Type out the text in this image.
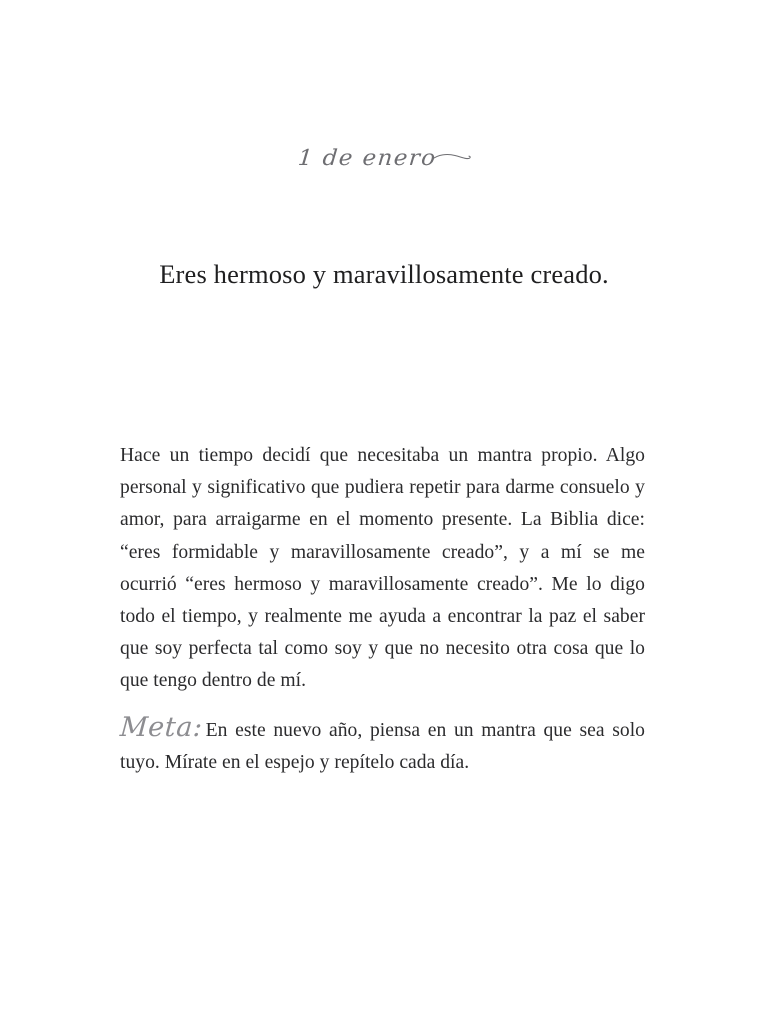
1 de enero
Eres hermoso y maravillosamente creado.

Hace un tiempo decidí que necesitaba un mantra propio. Algo personal y significativo que pudiera repetir para darme consuelo y amor, para arraigarme en el momento presente. La Biblia dice: “eres formidable y maravillosamente creado”, y a mí se me ocurrió “eres hermoso y maravillosamente creado”. Me lo digo todo el tiempo, y realmente me ayuda a encontrar la paz el saber que soy perfecta tal como soy y que no necesito otra cosa que lo que tengo dentro de mí.

Meta:En este nuevo año, piensa en un mantra que sea solo tuyo. Mírate en el espejo y repítelo cada día.
